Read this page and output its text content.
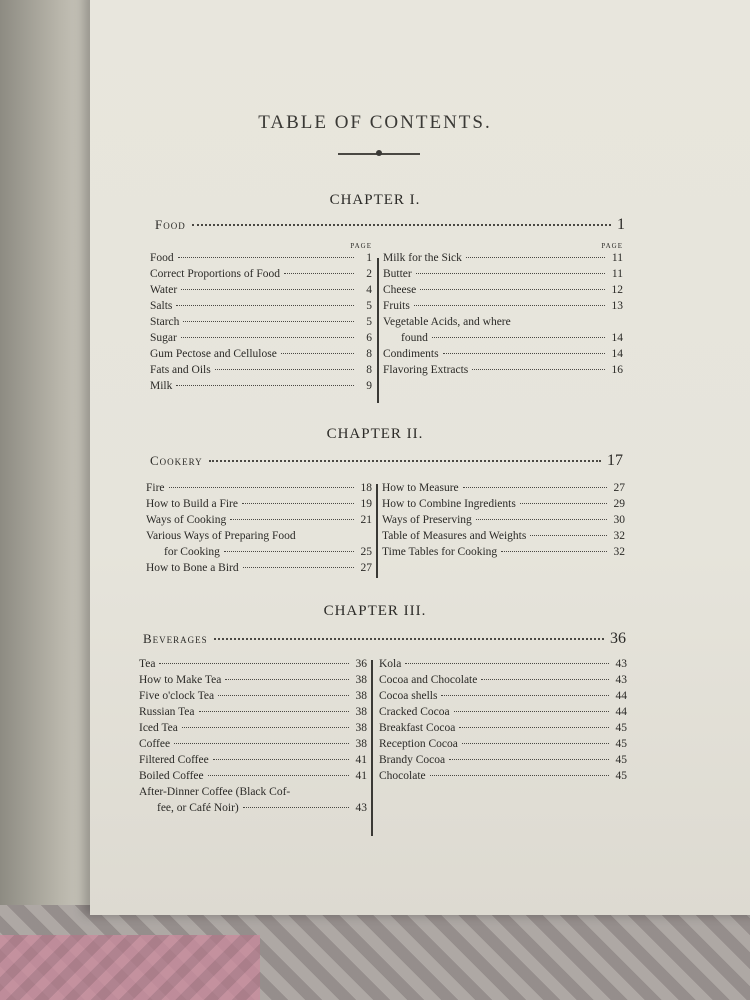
TABLE OF CONTENTS.
CHAPTER I.
Food	1
PAGE
Food	1
Correct Proportions of Food	2
Water	4
Salts	5
Starch	5
Sugar	6
Gum Pectose and Cellulose	8
Fats and Oils	8
Milk	9
PAGE
Milk for the Sick	11
Butter	11
Cheese	12
Fruits	13
Vegetable Acids, and where
found	14
Condiments	14
Flavoring Extracts	16
CHAPTER II.
Cookery	17
Fire	18
How to Build a Fire	19
Ways of Cooking	21
Various Ways of Preparing Food
for Cooking	25
How to Bone a Bird	27
How to Measure	27
How to Combine Ingredients	29
Ways of Preserving	30
Table of Measures and Weights	32
Time Tables for Cooking	32
CHAPTER III.
Beverages	36
Tea	36
How to Make Tea	38
Five o'clock Tea	38
Russian Tea	38
Iced Tea	38
Coffee	38
Filtered Coffee	41
Boiled Coffee	41
After-Dinner Coffee (Black Cof-
fee, or Café Noir)	43
Kola	43
Cocoa and Chocolate	43
Cocoa shells	44
Cracked Cocoa	44
Breakfast Cocoa	45
Reception Cocoa	45
Brandy Cocoa	45
Chocolate	45
